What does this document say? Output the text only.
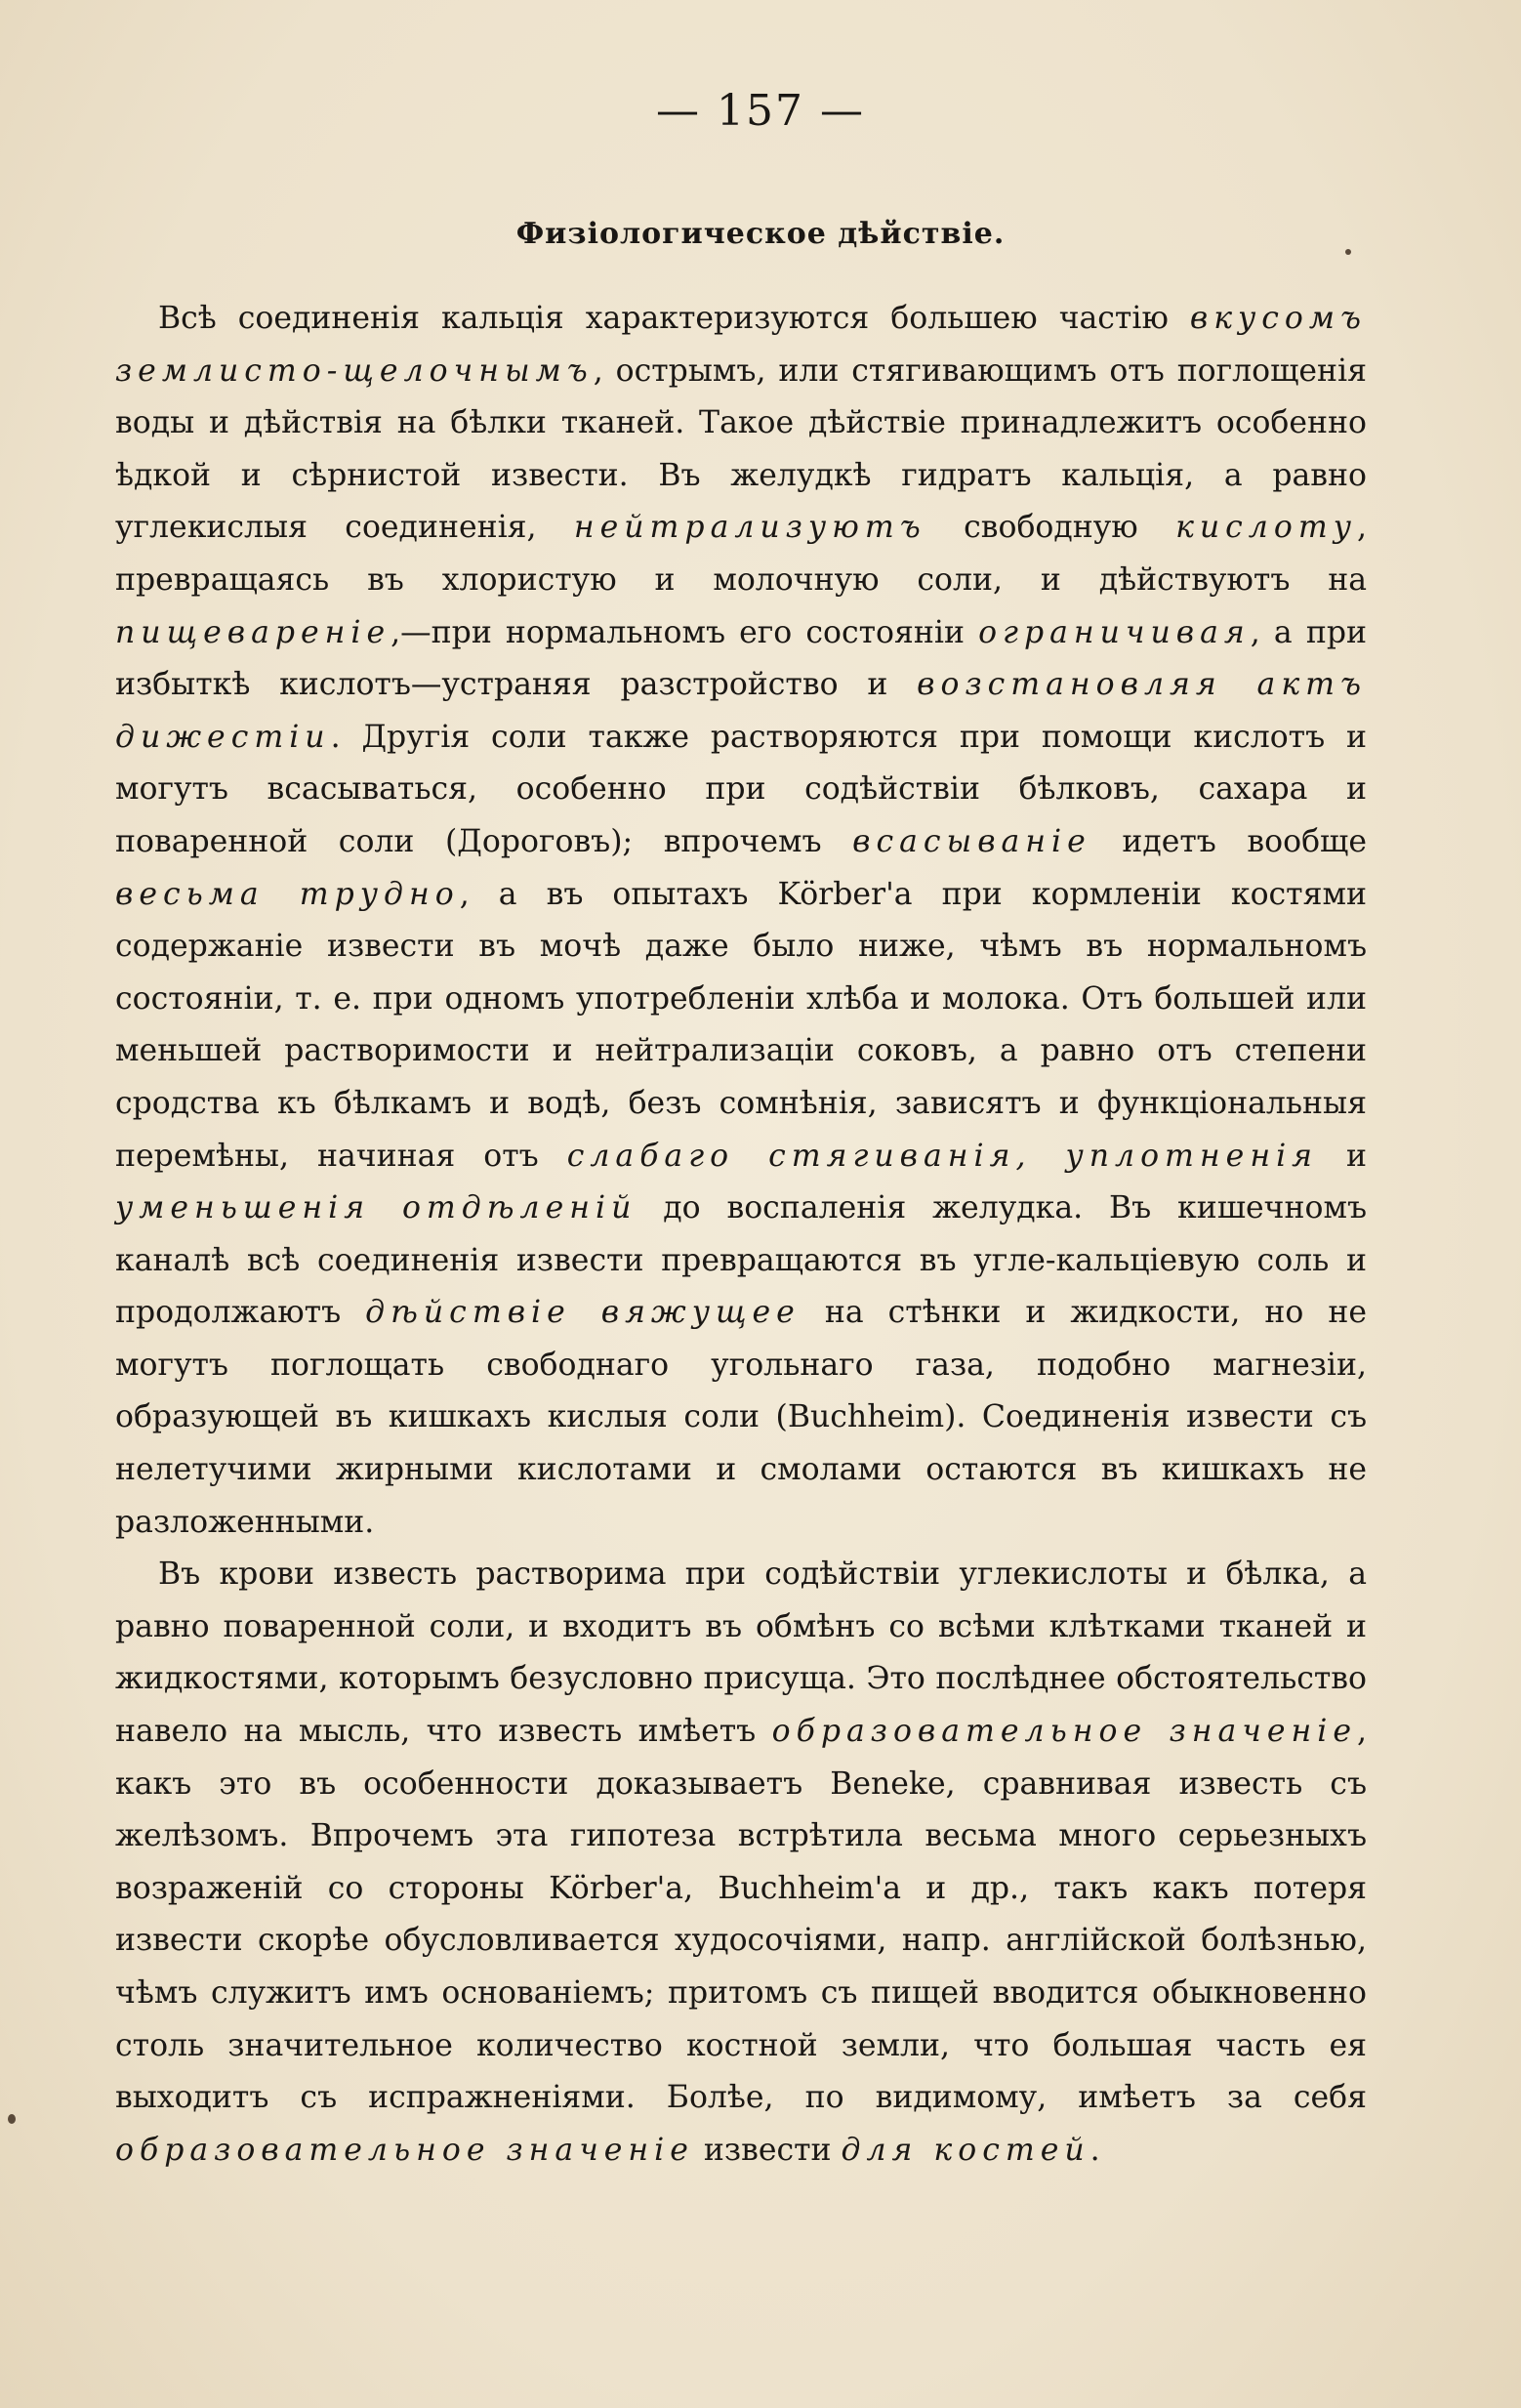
— 157 —
Физіологическое дѣйствіе.

Всѣ соединенія кальція характеризуются большею частію вкусомъ землисто-щелочнымъ, острымъ, или стягивающимъ отъ поглощенія воды и дѣйствія на бѣлки тканей. Такое дѣйствіе принадлежитъ особенно ѣдкой и сѣрнистой извести. Въ желудкѣ гидратъ кальція, а равно углекислыя соединенія, нейтрализуютъ свободную кислоту, превращаясь въ хлористую и молочную соли, и дѣйствуютъ на пищевареніе,—при нормальномъ его состояніи ограничивая, а при избыткѣ кислотъ—устраняя разстройство и возстановляя актъ дижестіи. Другія соли также растворяются при помощи кислотъ и могутъ всасываться, особенно при содѣйствіи бѣлковъ, сахара и поваренной соли (Дороговъ); впрочемъ всасываніе идетъ вообще весьма трудно, а въ опытахъ Körber'а при кормленіи костями содержаніе извести въ мочѣ даже было ниже, чѣмъ въ нормальномъ состояніи, т. е. при одномъ употребленіи хлѣба и молока. Отъ большей или меньшей растворимости и нейтрализаціи соковъ, а равно отъ степени сродства къ бѣлкамъ и водѣ, безъ сомнѣнія, зависятъ и функціональныя перемѣны, начиная отъ слабаго стягиванія, уплотненія и уменьшенія отдѣленій до воспаленія желудка. Въ кишечномъ каналѣ всѣ соединенія извести превращаются въ угле-кальціевую соль и продолжаютъ дѣйствіе вяжущее на стѣнки и жидкости, но не могутъ поглощать свободнаго угольнаго газа, подобно магнезіи, образующей въ кишкахъ кислыя соли (Buchheim). Соединенія извести съ нелетучими жирными кислотами и смолами остаются въ кишкахъ не разложенными.

Въ крови известь растворима при содѣйствіи углекислоты и бѣлка, а равно поваренной соли, и входитъ въ обмѣнъ со всѣми клѣтками тканей и жидкостями, которымъ безусловно присуща. Это послѣднее обстоятельство навело на мысль, что известь имѣетъ образовательное значеніе, какъ это въ особенности доказываетъ Beneke, сравнивая известь съ желѣзомъ. Впрочемъ эта гипотеза встрѣтила весьма много серьезныхъ возраженій со стороны Körber'а, Buchheim'а и др., такъ какъ потеря извести скорѣе обусловливается худосочіями, напр. англійской болѣзнью, чѣмъ служитъ имъ основаніемъ; притомъ съ пищей вводится обыкновенно столь значительное количество костной земли, что большая часть ея выходитъ съ испражненіями. Болѣе, по видимому, имѣетъ за себя образовательное значеніе извести для костей.
